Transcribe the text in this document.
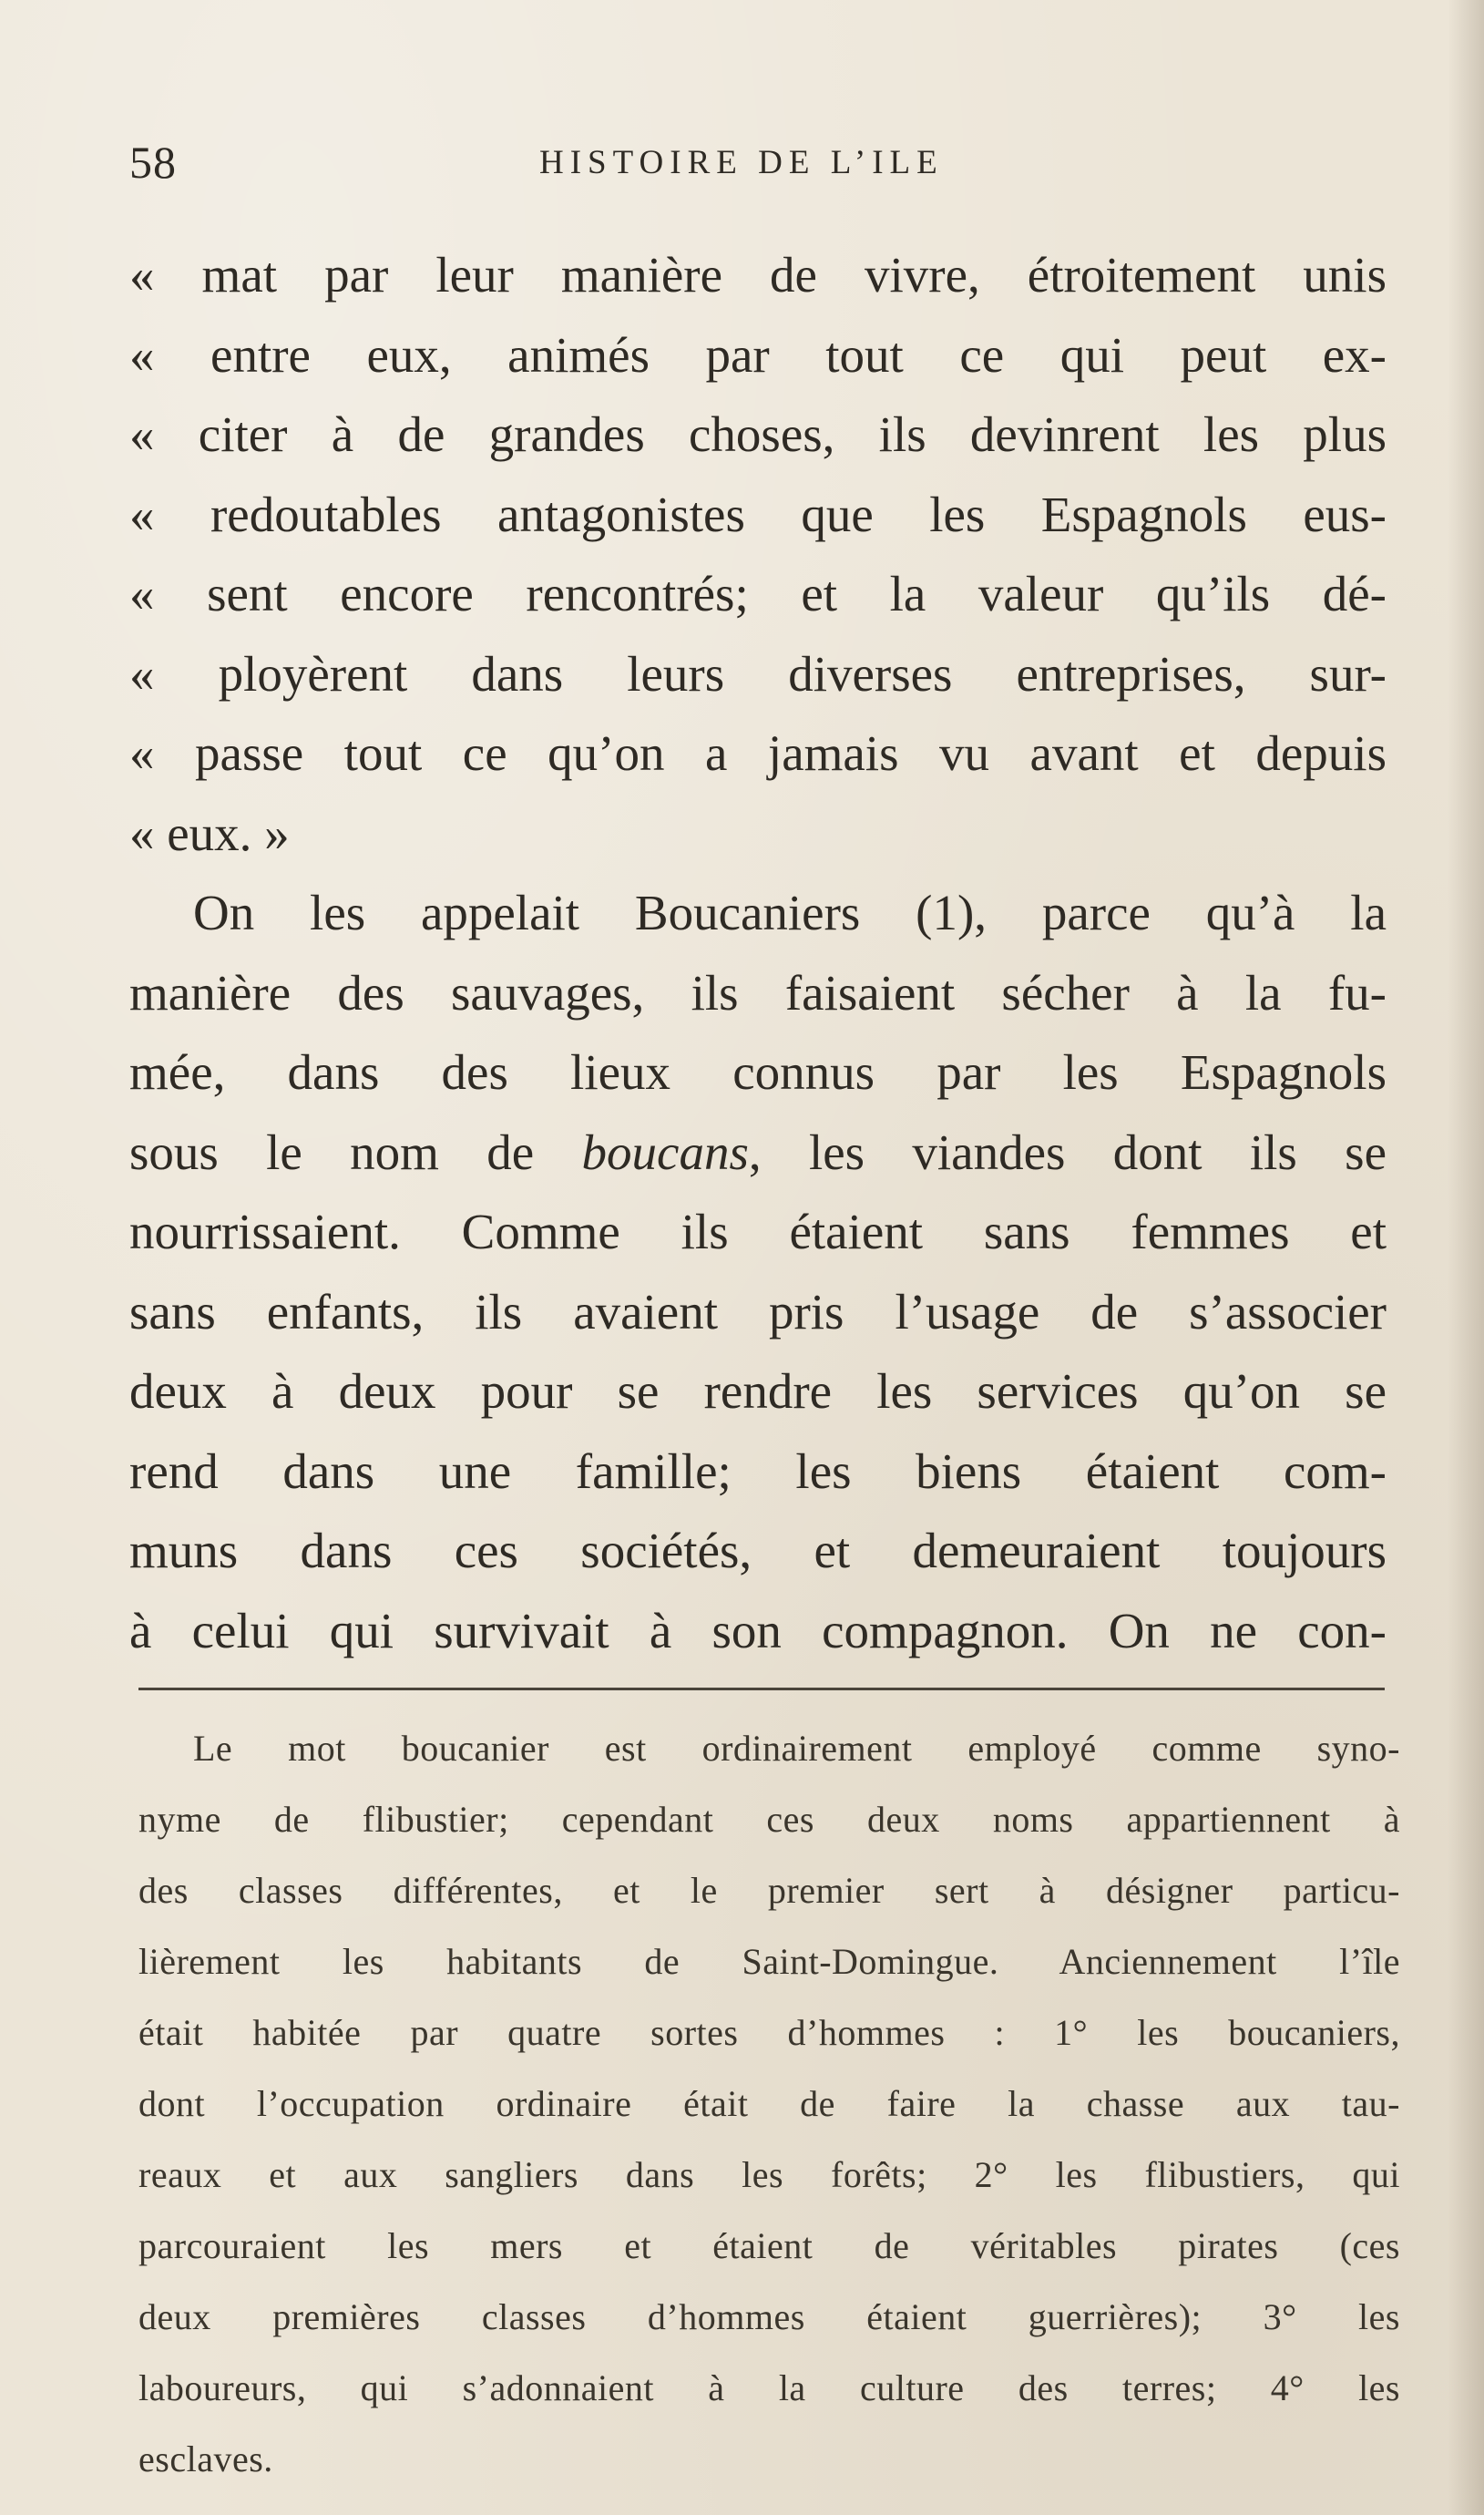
58	HISTOIRE DE L’ILE
« mat par leur manière de vivre, étroitement unis
« entre eux, animés par tout ce qui peut ex-
« citer à de grandes choses, ils devinrent les plus
« redoutables antagonistes que les Espagnols eus-
« sent encore rencontrés; et la valeur qu’ils dé-
« ployèrent dans leurs diverses entreprises, sur-
« passe tout ce qu’on a jamais vu avant et depuis
« eux. »
On les appelait Boucaniers (1), parce qu’à la
manière des sauvages, ils faisaient sécher à la fu-
mée, dans des lieux connus par les Espagnols
sous le nom de boucans, les viandes dont ils se
nourrissaient. Comme ils étaient sans femmes et
sans enfants, ils avaient pris l’usage de s’associer
deux à deux pour se rendre les services qu’on se
rend dans une famille; les biens étaient com-
muns dans ces sociétés, et demeuraient toujours
à celui qui survivait à son compagnon. On ne con-
Le mot boucanier est ordinairement employé comme syno-
nyme de flibustier; cependant ces deux noms appartiennent à
des classes différentes, et le premier sert à désigner particu-
lièrement les habitants de Saint-Domingue. Anciennement l’île
était habitée par quatre sortes d’hommes : 1° les boucaniers,
dont l’occupation ordinaire était de faire la chasse aux tau-
reaux et aux sangliers dans les forêts; 2° les flibustiers, qui
parcouraient les mers et étaient de véritables pirates (ces
deux premières classes d’hommes étaient guerrières); 3° les
laboureurs, qui s’adonnaient à la culture des terres; 4° les
esclaves.
